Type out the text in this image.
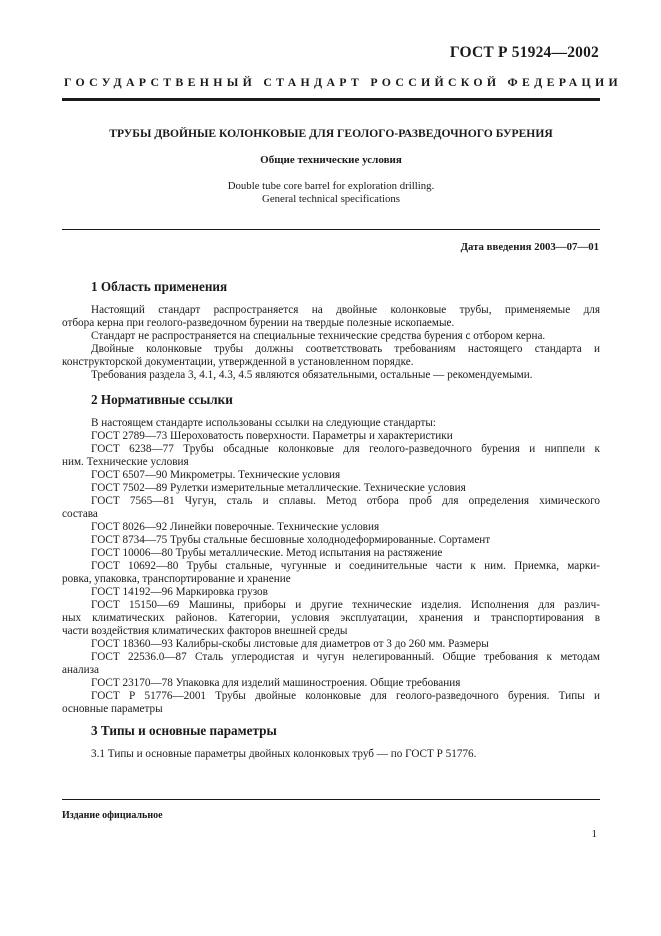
ГОСТ Р 51924—2002
ГОСУДАРСТВЕННЫЙ СТАНДАРТ РОССИЙСКОЙ ФЕДЕРАЦИИ
ТРУБЫ ДВОЙНЫЕ КОЛОНКОВЫЕ ДЛЯ ГЕОЛОГО-РАЗВЕДОЧНОГО БУРЕНИЯ
Общие технические условия
Double tube core barrel for exploration drilling.
General technical specifications
Дата введения 2003—07—01
1 Область применения
Настоящий стандарт распространяется на двойные колонковые трубы, применяемые для
отбора керна при геолого-разведочном бурении на твердые полезные ископаемые.
Стандарт не распространяется на специальные технические средства бурения с отбором керна.
Двойные колонковые трубы должны соответствовать требованиям настоящего стандарта и
конструкторской документации, утвержденной в установленном порядке.
Требования раздела 3, 4.1, 4.3, 4.5 являются обязательными, остальные — рекомендуемыми.
2 Нормативные ссылки
В настоящем стандарте использованы ссылки на следующие стандарты:
ГОСТ 2789—73 Шероховатость поверхности. Параметры и характеристики
ГОСТ 6238—77 Трубы обсадные колонковые для геолого-разведочного бурения и ниппели к
ним. Технические условия
ГОСТ 6507—90 Микрометры. Технические условия
ГОСТ 7502—89 Рулетки измерительные металлические. Технические условия
ГОСТ 7565—81 Чугун, сталь и сплавы. Метод отбора проб для определения химического
состава
ГОСТ 8026—92 Линейки поверочные. Технические условия
ГОСТ 8734—75 Трубы стальные бесшовные холоднодеформированные. Сортамент
ГОСТ 10006—80 Трубы металлические. Метод испытания на растяжение
ГОСТ 10692—80 Трубы стальные, чугунные и соединительные части к ним. Приемка, марки-
ровка, упаковка, транспортирование и хранение
ГОСТ 14192—96 Маркировка грузов
ГОСТ 15150—69 Машины, приборы и другие технические изделия. Исполнения для различ-
ных климатических районов. Категории, условия эксплуатации, хранения и транспортирования в
части воздействия климатических факторов внешней среды
ГОСТ 18360—93 Калибры-скобы листовые для диаметров от 3 до 260 мм. Размеры
ГОСТ 22536.0—87 Сталь углеродистая и чугун нелегированный. Общие требования к методам
анализа
ГОСТ 23170—78 Упаковка для изделий машиностроения. Общие требования
ГОСТ Р 51776—2001 Трубы двойные колонковые для геолого-разведочного бурения. Типы и
основные параметры
3 Типы и основные параметры
3.1 Типы и основные параметры двойных колонковых труб — по ГОСТ Р 51776.
Издание официальное
1
